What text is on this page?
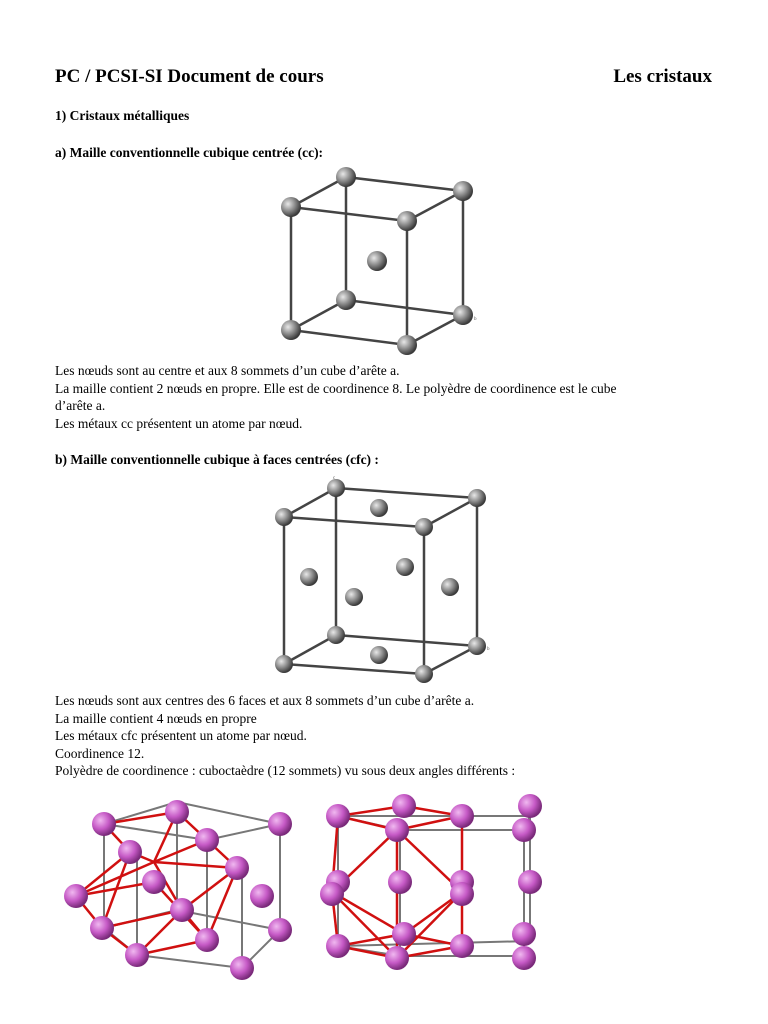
PC / PCSI-SI Document de cours	Les cristaux
1) Cristaux métalliques
a) Maille conventionnelle cubique centrée (cc):
b
Les nœuds sont au centre et aux 8 sommets d’un cube d’arête a.
La maille contient 2 nœuds en propre. Elle est de coordinence 8. Le polyèdre de coordinence est le cube
d’arête a.
Les métaux cc présentent un atome par nœud.
b) Maille conventionnelle cubique à faces centrées (cfc) :
b
c
Les nœuds sont aux centres des 6 faces et aux 8 sommets d’un cube d’arête a.
La maille contient 4 nœuds en propre
Les métaux cfc présentent un atome par nœud.
Coordinence 12.
Polyèdre de coordinence : cuboctaèdre (12 sommets) vu sous deux angles différents :
